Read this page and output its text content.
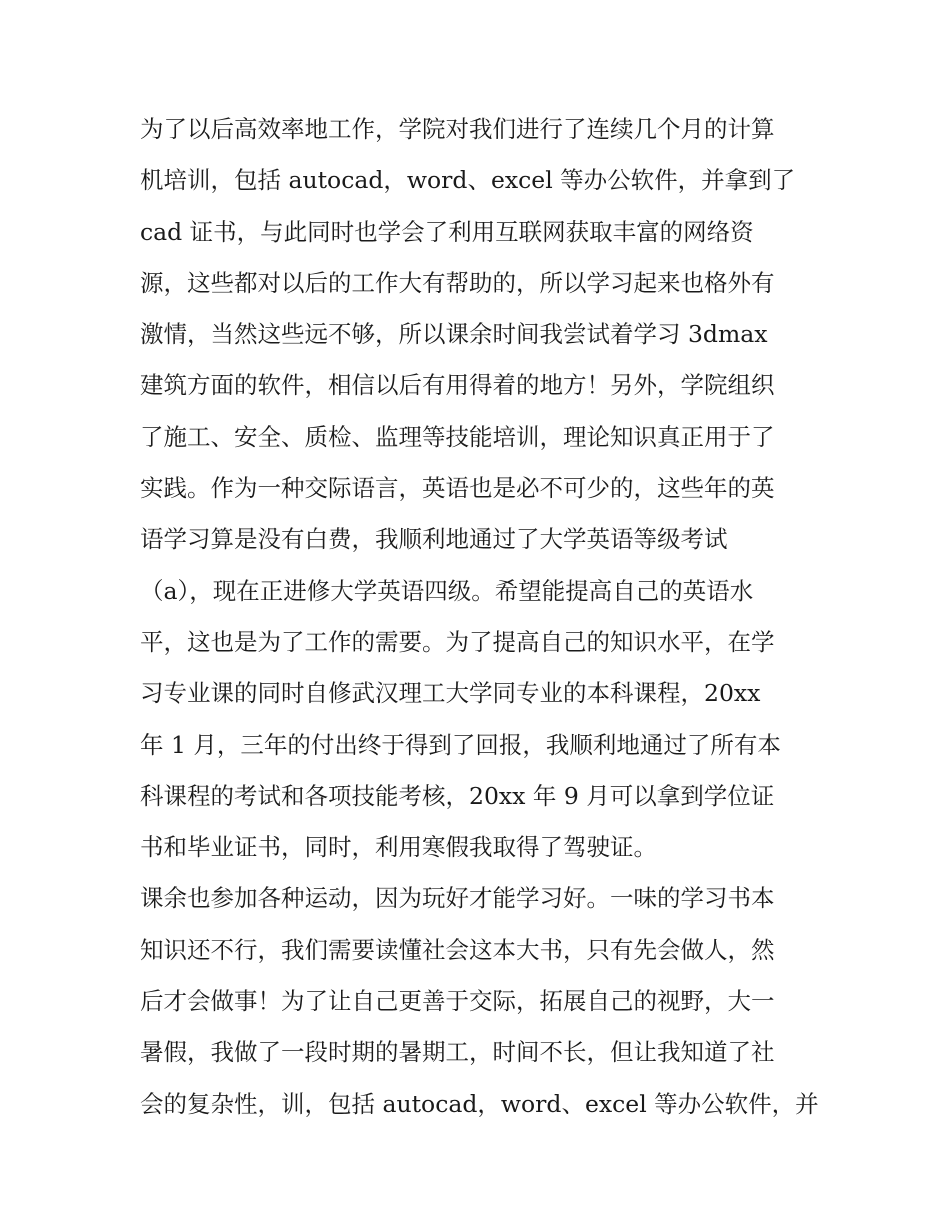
为了以后高效率地工作，学院对我们进行了连续几个月的计算
机培训，包括 autocad，word、excel 等办公软件，并拿到了
cad 证书，与此同时也学会了利用互联网获取丰富的网络资
源，这些都对以后的工作大有帮助的，所以学习起来也格外有
激情，当然这些远不够，所以课余时间我尝试着学习 3dmax
建筑方面的软件，相信以后有用得着的地方！另外，学院组织
了施工、安全、质检、监理等技能培训，理论知识真正用于了
实践。作为一种交际语言，英语也是必不可少的，这些年的英
语学习算是没有白费，我顺利地通过了大学英语等级考试
（a），现在正进修大学英语四级。希望能提高自己的英语水
平，这也是为了工作的需要。为了提高自己的知识水平，在学
习专业课的同时自修武汉理工大学同专业的本科课程，20xx
年 1 月，三年的付出终于得到了回报，我顺利地通过了所有本
科课程的考试和各项技能考核，20xx 年 9 月可以拿到学位证
书和毕业证书，同时，利用寒假我取得了驾驶证。
课余也参加各种运动，因为玩好才能学习好。一味的学习书本
知识还不行，我们需要读懂社会这本大书，只有先会做人，然
后才会做事！为了让自己更善于交际，拓展自己的视野，大一
暑假，我做了一段时期的暑期工，时间不长，但让我知道了社
会的复杂性，训，包括 autocad，word、excel 等办公软件，并
